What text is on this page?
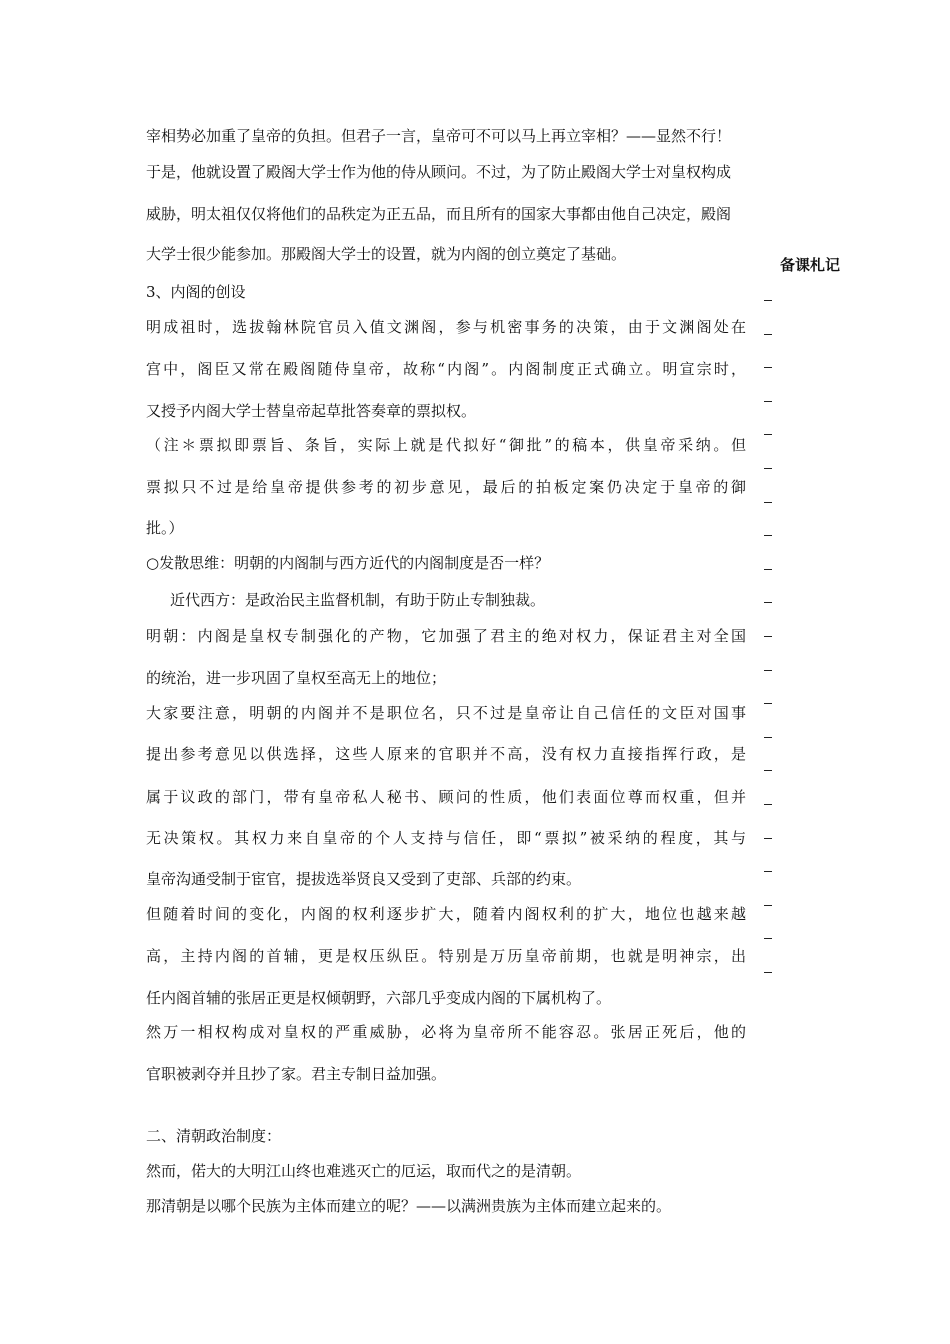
宰相势必加重了皇帝的负担。但君子一言，皇帝可不可以马上再立宰相？——显然不行！
于是，他就设置了殿阁大学士作为他的侍从顾问。不过，为了防止殿阁大学士对皇权构成
威胁，明太祖仅仅将他们的品秩定为正五品，而且所有的国家大事都由他自己决定，殿阁
大学士很少能参加。那殿阁大学士的设置，就为内阁的创立奠定了基础。
3、内阁的创设
明成祖时，选拔翰林院官员入值文渊阁，参与机密事务的决策，由于文渊阁处在
宫中，阁臣又常在殿阁随侍皇帝，故称“内阁”。内阁制度正式确立。明宣宗时，
又授予内阁大学士替皇帝起草批答奏章的票拟权。
（注＊票拟即票旨、条旨，实际上就是代拟好“御批”的稿本，供皇帝采纳。但
票拟只不过是给皇帝提供参考的初步意见，最后的拍板定案仍决定于皇帝的御
批。）
○发散思维：明朝的内阁制与西方近代的内阁制度是否一样？
近代西方：是政治民主监督机制，有助于防止专制独裁。
明朝：内阁是皇权专制强化的产物，它加强了君主的绝对权力，保证君主对全国
的统治，进一步巩固了皇权至高无上的地位；
大家要注意，明朝的内阁并不是职位名，只不过是皇帝让自己信任的文臣对国事
提出参考意见以供选择，这些人原来的官职并不高，没有权力直接指挥行政，是
属于议政的部门，带有皇帝私人秘书、顾问的性质，他们表面位尊而权重，但并
无决策权。其权力来自皇帝的个人支持与信任，即“票拟”被采纳的程度，其与
皇帝沟通受制于宦官，提拔选举贤良又受到了吏部、兵部的约束。
但随着时间的变化，内阁的权利逐步扩大，随着内阁权利的扩大，地位也越来越
高，主持内阁的首辅，更是权压纵臣。特别是万历皇帝前期，也就是明神宗，出
任内阁首辅的张居正更是权倾朝野，六部几乎变成内阁的下属机构了。
然万一相权构成对皇权的严重威胁，必将为皇帝所不能容忍。张居正死后，他的
官职被剥夺并且抄了家。君主专制日益加强。
二、清朝政治制度：
然而，偌大的大明江山终也难逃灭亡的厄运，取而代之的是清朝。
那清朝是以哪个民族为主体而建立的呢？——以满洲贵族为主体而建立起来的。
备课札记
